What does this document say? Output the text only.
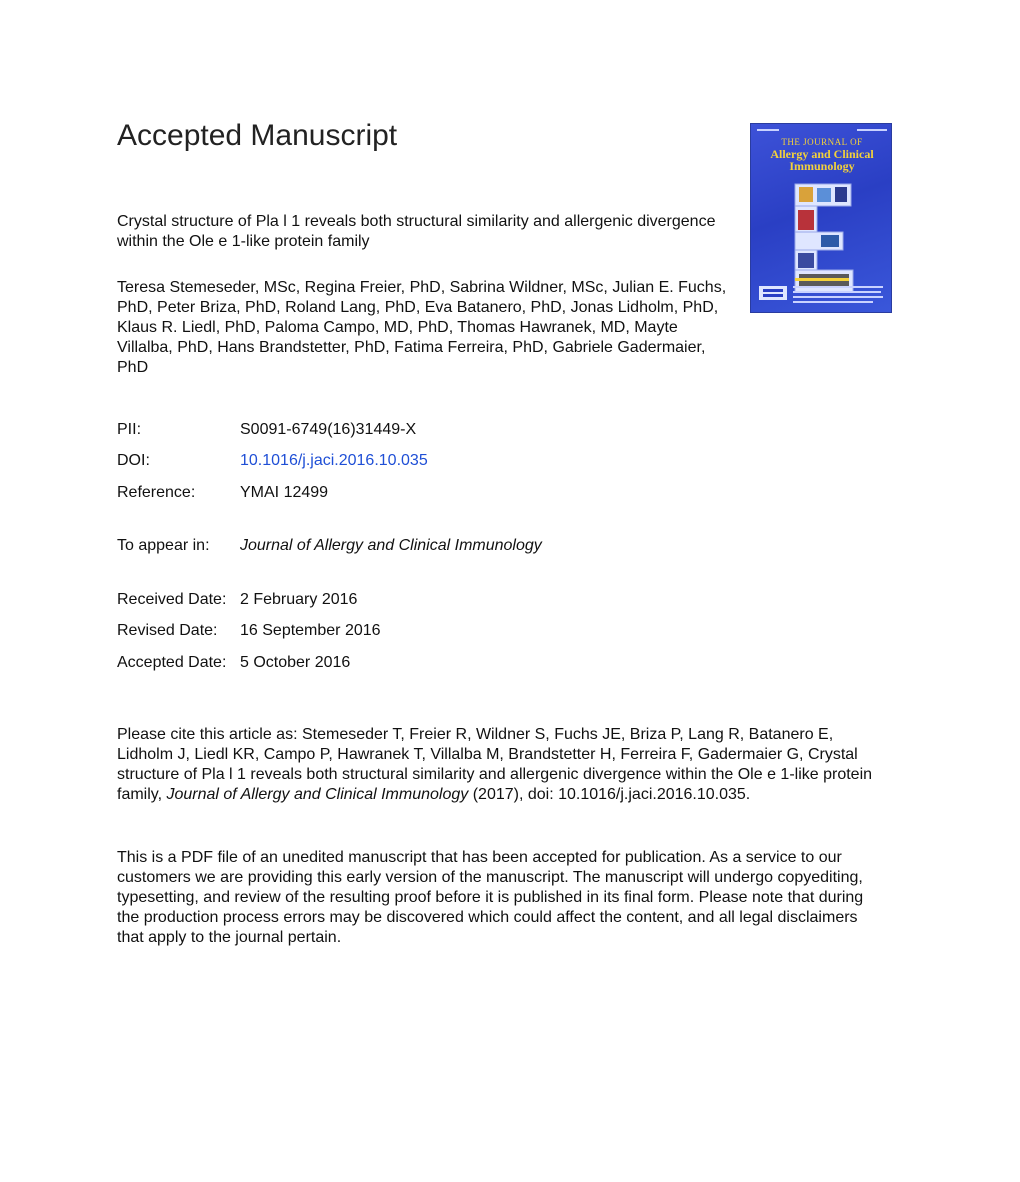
Accepted Manuscript
Crystal structure of Pla l 1 reveals both structural similarity and allergenic divergence within the Ole e 1-like protein family
Teresa Stemeseder, MSc, Regina Freier, PhD, Sabrina Wildner, MSc, Julian E. Fuchs, PhD, Peter Briza, PhD, Roland Lang, PhD, Eva Batanero, PhD, Jonas Lidholm, PhD, Klaus R. Liedl, PhD, Paloma Campo, MD, PhD, Thomas Hawranek, MD, Mayte Villalba, PhD, Hans Brandstetter, PhD, Fatima Ferreira, PhD, Gabriele Gadermaier, PhD
THE JOURNAL OF
Allergy and Clinical
Immunology
PII:	S0091-6749(16)31449-X
DOI:	10.1016/j.jaci.2016.10.035
Reference:	YMAI 12499
To appear in: Journal of Allergy and Clinical Immunology
Received Date: 2 February 2016
Revised Date: 16 September 2016
Accepted Date: 5 October 2016
Please cite this article as: Stemeseder T, Freier R, Wildner S, Fuchs JE, Briza P, Lang R, Batanero E, Lidholm J, Liedl KR, Campo P, Hawranek T, Villalba M, Brandstetter H, Ferreira F, Gadermaier G, Crystal structure of Pla l 1 reveals both structural similarity and allergenic divergence within the Ole e 1-like protein family, Journal of Allergy and Clinical Immunology (2017), doi: 10.1016/j.jaci.2016.10.035.
This is a PDF file of an unedited manuscript that has been accepted for publication. As a service to our customers we are providing this early version of the manuscript. The manuscript will undergo copyediting, typesetting, and review of the resulting proof before it is published in its final form. Please note that during the production process errors may be discovered which could affect the content, and all legal disclaimers that apply to the journal pertain.
